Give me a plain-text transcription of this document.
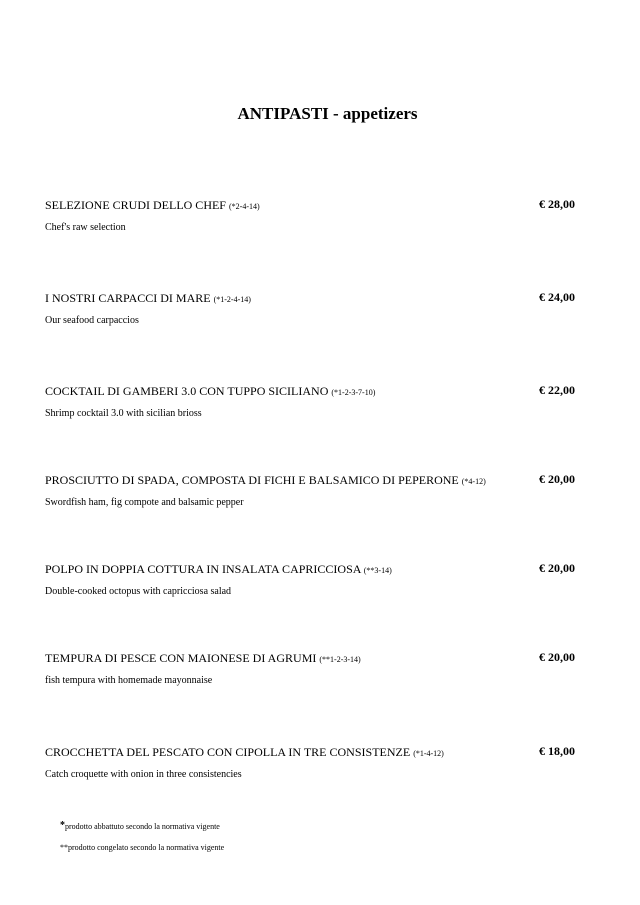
ANTIPASTI - appetizers
SELEZIONE CRUDI DELLO CHEF (*2-4-14)
Chef's raw selection
€ 28,00
I NOSTRI CARPACCI DI MARE (*1-2-4-14)
Our seafood carpaccios
€ 24,00
COCKTAIL DI GAMBERI 3.0 CON TUPPO SICILIANO (*1-2-3-7-10)
Shrimp cocktail 3.0 with sicilian brioss
€ 22,00
PROSCIUTTO DI SPADA, COMPOSTA DI FICHI E BALSAMICO DI PEPERONE (*4-12)
Swordfish ham, fig compote and balsamic pepper
€ 20,00
POLPO IN DOPPIA COTTURA IN INSALATA CAPRICCIOSA (**3-14)
Double-cooked octopus with capricciosa salad
€ 20,00
TEMPURA DI PESCE CON MAIONESE DI AGRUMI (**1-2-3-14)
fish tempura with homemade mayonnaise
€ 20,00
CROCCHETTA DEL PESCATO CON CIPOLLA IN TRE CONSISTENZE (*1-4-12)
Catch croquette with onion in three consistencies
€ 18,00
*prodotto abbattuto secondo la normativa vigente
**prodotto congelato secondo la normativa vigente
